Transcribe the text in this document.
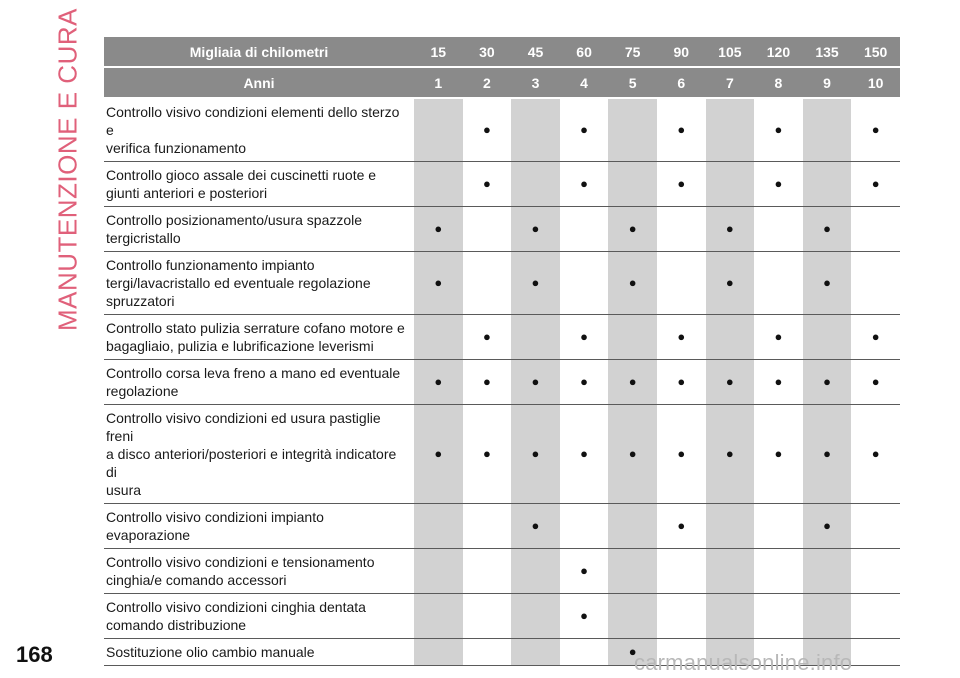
MANUTENZIONE E CURA	Migliaia di chilometri	15	30	45	60	75	90	105	120	135	150
Anni	1	2	3	4	5	6	7	8	9	10
Controllo visivo condizioni elementi dello sterzo e
verifica funzionamento		●		●		●		●		●
Controllo gioco assale dei cuscinetti ruote e
giunti anteriori e posteriori		●		●		●		●		●
Controllo posizionamento/usura spazzole
tergicristallo	●		●		●		●		●	
Controllo funzionamento impianto
tergi/lavacristallo ed eventuale regolazione
spruzzatori	●		●		●		●		●	
Controllo stato pulizia serrature cofano motore e
bagagliaio, pulizia e lubrificazione leverismi		●		●		●		●		●
Controllo corsa leva freno a mano ed eventuale
regolazione	●	●	●	●	●	●	●	●	●	●
Controllo visivo condizioni ed usura pastiglie freni
a disco anteriori/posteriori e integrità indicatore di
usura	●	●	●	●	●	●	●	●	●	●
Controllo visivo condizioni impianto evaporazione			●			●			●	
Controllo visivo condizioni e tensionamento
cinghia/e comando accessori				●						
Controllo visivo condizioni cinghia dentata
comando distribuzione				●						
Sostituzione olio cambio manuale					●					
168	carmanualsonline.info
